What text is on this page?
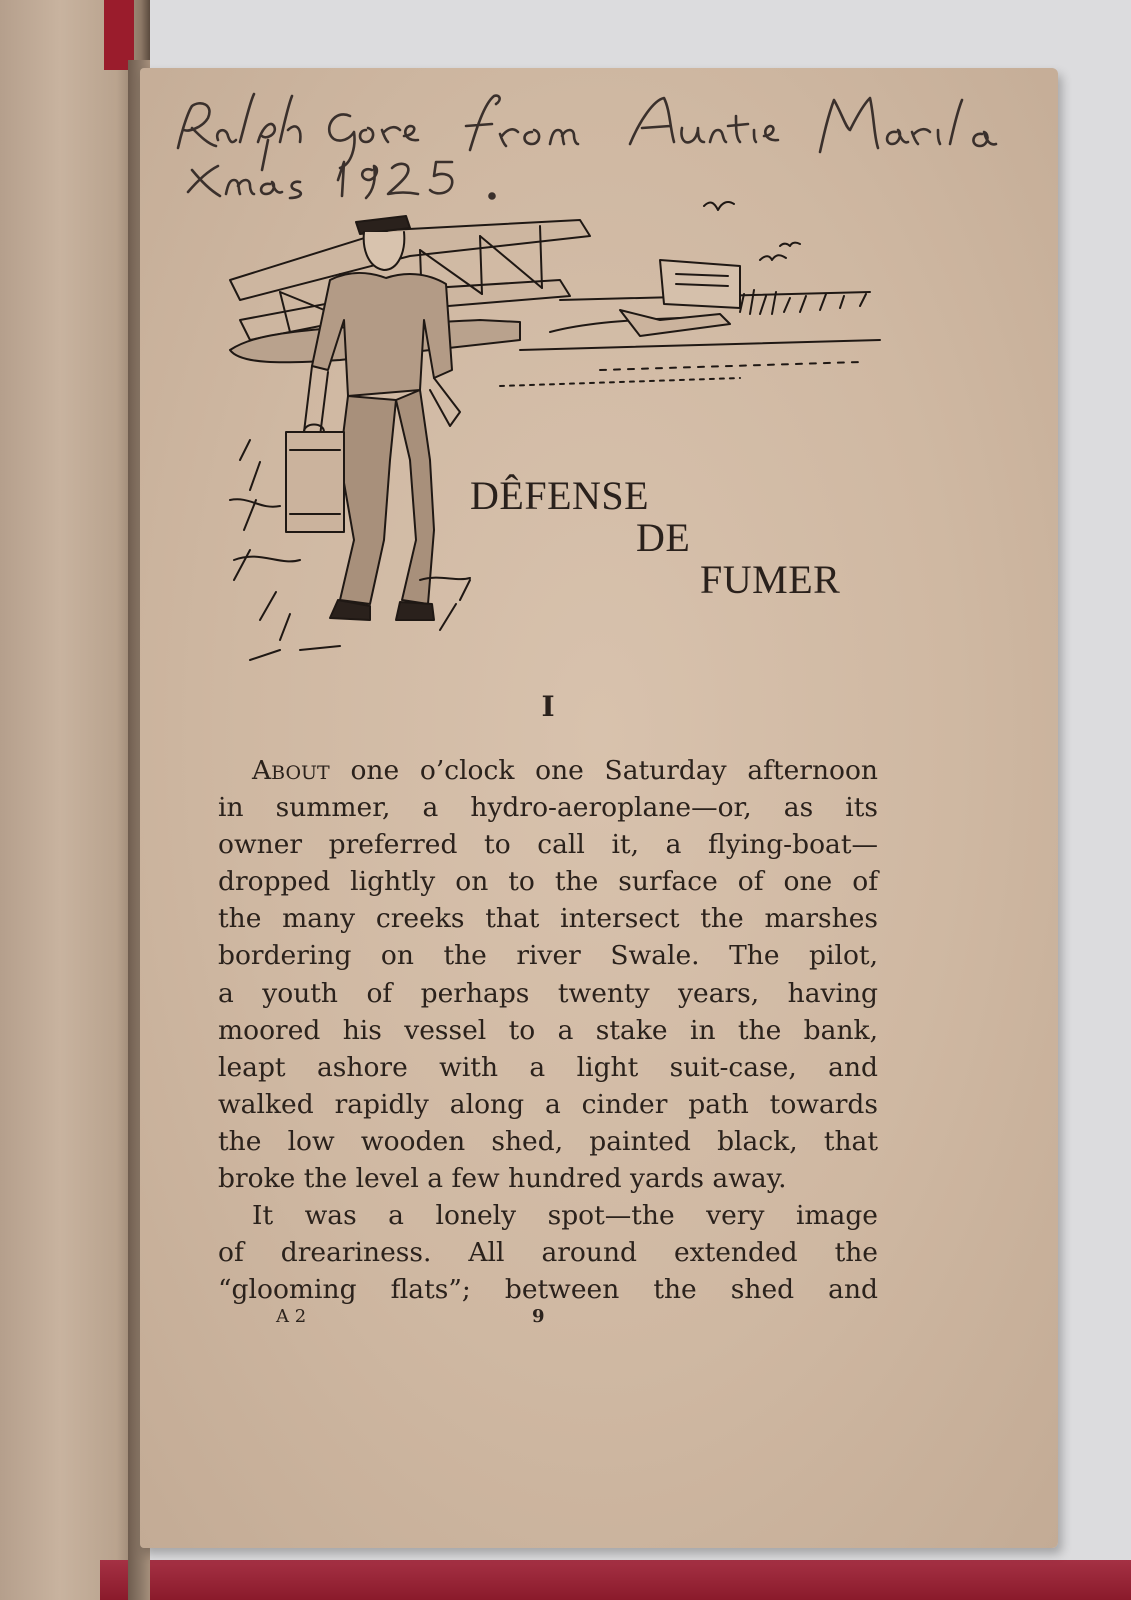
DÊFENSE
DE
FUMER
I
About one o’clock one Saturday afternoon
in summer, a hydro-aeroplane—or, as its
owner preferred to call it, a flying-boat—
dropped lightly on to the surface of one of
the many creeks that intersect the marshes
bordering on the river Swale. The pilot,
a youth of perhaps twenty years, having
moored his vessel to a stake in the bank,
leapt ashore with a light suit-case, and
walked rapidly along a cinder path towards
the low wooden shed, painted black, that
broke the level a few hundred yards away.
It was a lonely spot—the very image
of dreariness. All around extended the
“glooming flats”; between the shed and
A 2	9
